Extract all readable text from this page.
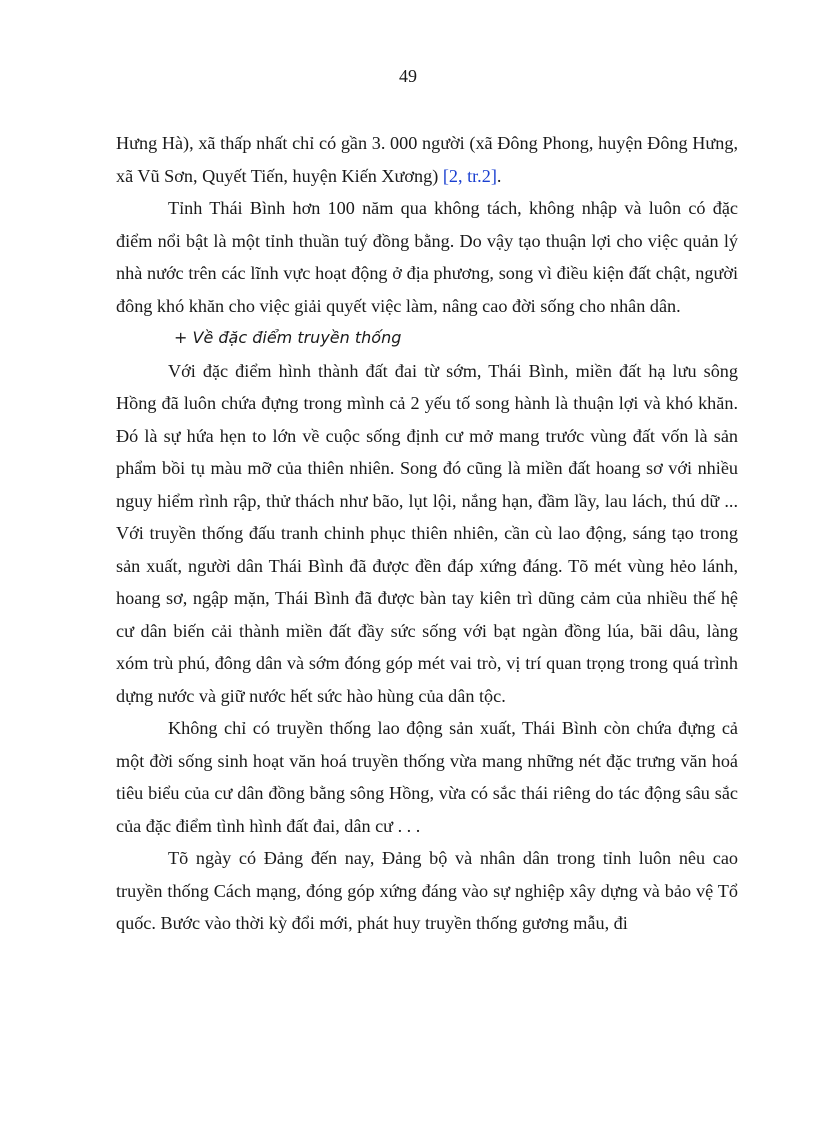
49

Hưng Hà), xã thấp nhất chỉ có gần 3. 000 người (xã Đông Phong, huyện Đông Hưng, xã Vũ Sơn, Quyết Tiến, huyện Kiến Xương) [2, tr.2].

Tỉnh Thái Bình hơn 100 năm qua không tách, không nhập và luôn có đặc điểm nổi bật là một tỉnh thuần tuý đồng bằng. Do vậy tạo thuận lợi cho việc quản lý nhà nước trên các lĩnh vực hoạt động ở địa phương, song vì điều kiện đất chật, người đông khó khăn cho việc giải quyết việc làm, nâng cao đời sống cho nhân dân.

+ Về đặc điểm truyền thống

Với đặc điểm hình thành đất đai từ sớm, Thái Bình, miền đất hạ lưu sông Hồng đã luôn chứa đựng trong mình cả 2 yếu tố song hành là thuận lợi và khó khăn. Đó là sự hứa hẹn to lớn về cuộc sống định cư mở mang trước vùng đất vốn là sản phẩm bồi tụ màu mỡ của thiên nhiên. Song đó cũng là miền đất hoang sơ với nhiều nguy hiểm rình rập, thử thách như bão, lụt lội, nắng hạn, đầm lầy, lau lách, thú dữ ... Với truyền thống đấu tranh chinh phục thiên nhiên, cần cù lao động, sáng tạo trong sản xuất, người dân Thái Bình đã được đền đáp xứng đáng. Tõ mét vùng hẻo lánh, hoang sơ, ngập mặn, Thái Bình đã được bàn tay kiên trì dũng cảm của nhiều thế hệ cư dân biến cải thành miền đất đầy sức sống với bạt ngàn đồng lúa, bãi dâu, làng xóm trù phú, đông dân và sớm đóng góp mét vai trò, vị trí quan trọng trong quá trình dựng nước và giữ nước hết sức hào hùng của dân tộc.

Không chỉ có truyền thống lao động sản xuất, Thái Bình còn chứa đựng cả một đời sống sinh hoạt văn hoá truyền thống vừa mang những nét đặc trưng văn hoá tiêu biểu của cư dân đồng bằng sông Hồng, vừa có sắc thái riêng do tác động sâu sắc của đặc điểm tình hình đất đai, dân cư . . .

Tõ ngày có Đảng đến nay, Đảng bộ và nhân dân trong tỉnh luôn nêu cao truyền thống Cách mạng, đóng góp xứng đáng vào sự nghiệp xây dựng và bảo vệ Tổ quốc. Bước vào thời kỳ đổi mới, phát huy truyền thống gương mẫu, đi
